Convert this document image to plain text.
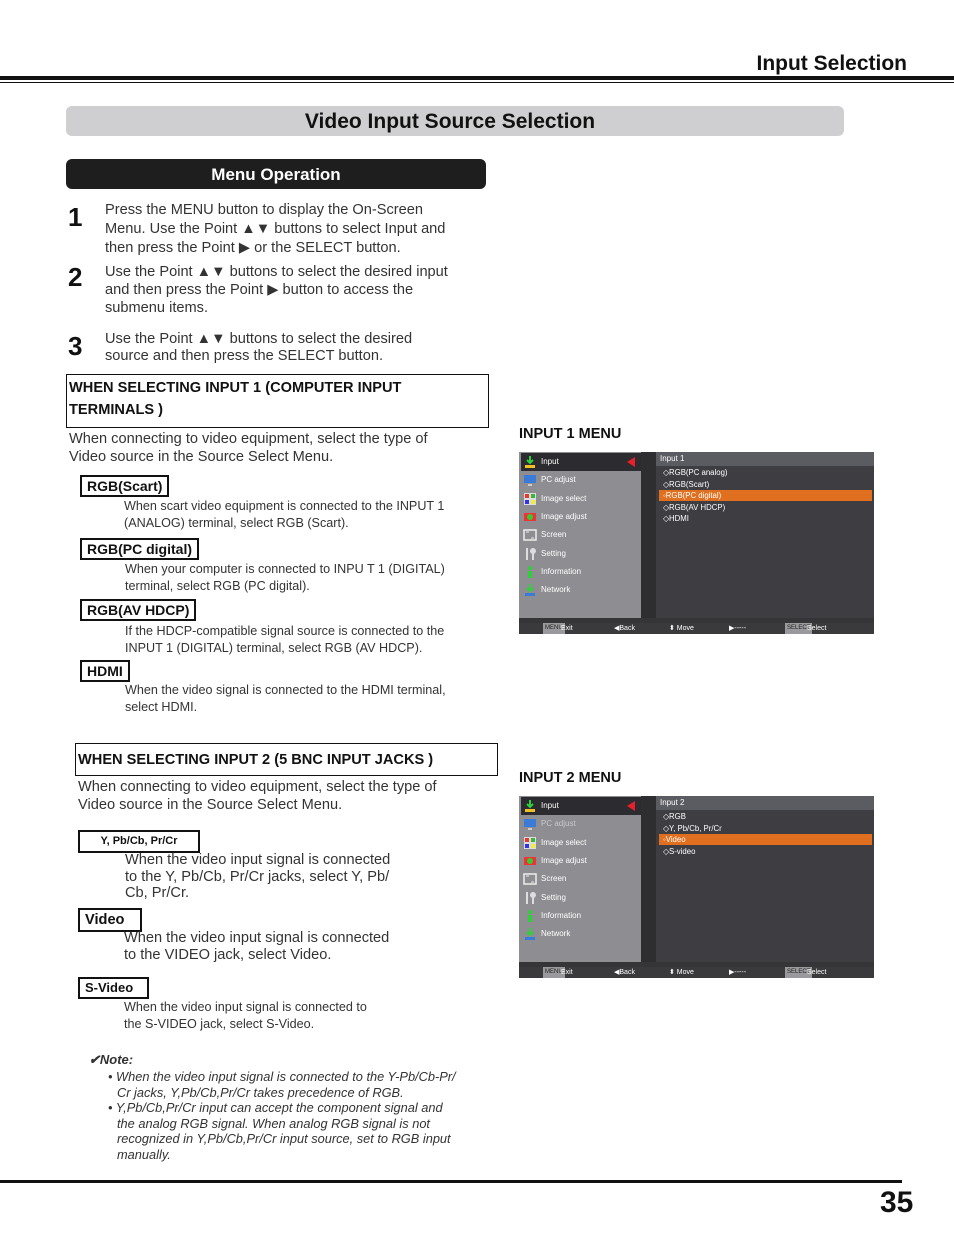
Input Selection
Video Input Source Selection
Menu Operation
1 Press the MENU button to display the On-Screen
Menu. Use the Point ▲▼ buttons to select Input and
then press the Point ▶ or the SELECT button.
2 Use the Point ▲▼ buttons to select the desired input
and then press the Point ▶ button to access the
submenu items.
3 Use the Point ▲▼ buttons to select the desired
source and then press the SELECT button.
WHEN SELECTING INPUT 1 (COMPUTER INPUT
TERMINALS )
When connecting to video equipment, select the type of
Video source in the Source Select Menu.
RGB(Scart)
When scart video equipment is connected to the INPUT 1
(ANALOG) terminal, select RGB (Scart).
RGB(PC digital)
When your computer is connected to INPU T 1 (DIGITAL)
terminal, select RGB (PC digital).
RGB(AV HDCP)
If the HDCP-compatible signal source is connected to the
INPUT 1 (DIGITAL) terminal, select RGB (AV HDCP).
HDMI
When the video signal is connected to the HDMI terminal,
select HDMI.
INPUT 1 MENU
Input
PC adjust
Image select
Image adjust
Screen
Setting
Information
Network
Input 1
◇RGB(PC analog)
◇RGB(Scart)
◦RGB(PC digital)
◇RGB(AV HDCP)
◇HDMI
MENU
Exit	◀Back	⬍ Move	▶-----	SELECT
Select
WHEN SELECTING INPUT 2 (5 BNC INPUT JACKS )
When connecting to video equipment, select the type of
Video source in the Source Select Menu.
Y, Pb/Cb, Pr/Cr
When the video input signal is connected
to the Y, Pb/Cb, Pr/Cr jacks, select Y, Pb/
Cb, Pr/Cr.
Video
When the video input signal is connected
to the VIDEO jack, select Video.
S-Video
When the video input signal is connected to
the S-VIDEO jack, select S-Video.
INPUT 2 MENU
Input
PC adjust
Image select
Image adjust
Screen
Setting
Information
Network
Input 2
◇RGB
◇Y, Pb/Cb, Pr/Cr
◦Video
◇S-video
MENU
Exit	◀Back	⬍ Move	▶-----	SELECT
Select
✔Note:
• When the video input signal is connected to the Y-Pb/Cb-Pr/
Cr jacks, Y,Pb/Cb,Pr/Cr takes precedence of RGB.
• Y,Pb/Cb,Pr/Cr input can accept the component signal and
the analog RGB signal. When analog RGB signal is not
recognized in Y,Pb/Cb,Pr/Cr input source, set to RGB input
manually.
35
